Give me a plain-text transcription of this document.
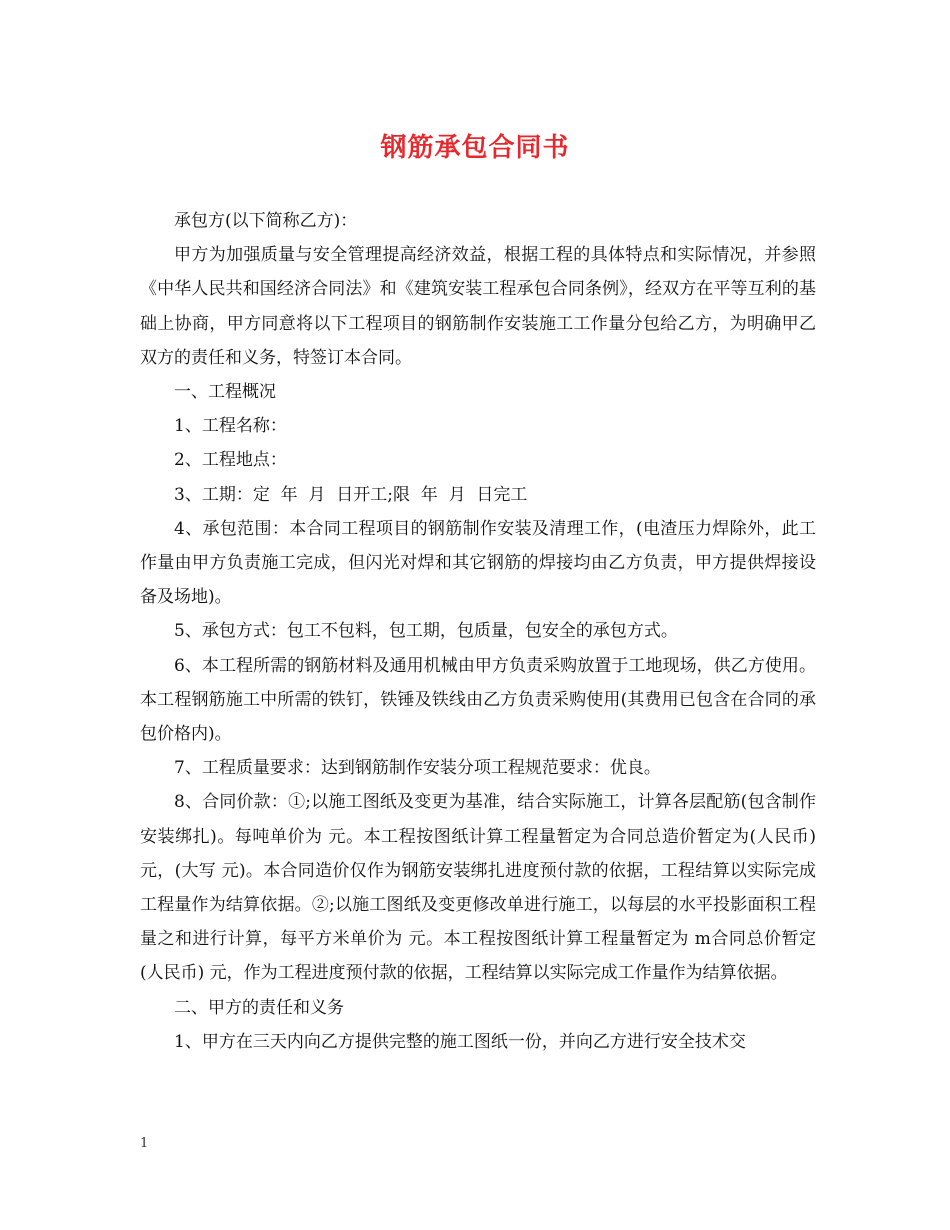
钢筋承包合同书

承包方(以下简称乙方)：

甲方为加强质量与安全管理提高经济效益，根据工程的具体特点和实际情况，并参照《中华人民共和国经济合同法》和《建筑安装工程承包合同条例》，经双方在平等互利的基础上协商，甲方同意将以下工程项目的钢筋制作安装施工工作量分包给乙方，为明确甲乙双方的责任和义务，特签订本合同。

一、工程概况

1、工程名称：

2、工程地点：

3、工期：定  年  月  日开工;限  年  月  日完工

4、承包范围：本合同工程项目的钢筋制作安装及清理工作，(电渣压力焊除外，此工作量由甲方负责施工完成，但闪光对焊和其它钢筋的焊接均由乙方负责，甲方提供焊接设备及场地)。

5、承包方式：包工不包料，包工期，包质量，包安全的承包方式。

6、本工程所需的钢筋材料及通用机械由甲方负责采购放置于工地现场，供乙方使用。本工程钢筋施工中所需的铁钉，铁锤及铁线由乙方负责采购使用(其费用已包含在合同的承包价格内)。

7、工程质量要求：达到钢筋制作安装分项工程规范要求：优良。

8、合同价款：①;以施工图纸及变更为基准，结合实际施工，计算各层配筋(包含制作安装绑扎)。每吨单价为 元。本工程按图纸计算工程量暂定为合同总造价暂定为(人民币) 元，(大写 元)。本合同造价仅作为钢筋安装绑扎进度预付款的依据，工程结算以实际完成工程量作为结算依据。②;以施工图纸及变更修改单进行施工，以每层的水平投影面积工程量之和进行计算，每平方米单价为 元。本工程按图纸计算工程量暂定为 m合同总价暂定(人民币) 元，作为工程进度预付款的依据，工程结算以实际完成工作量作为结算依据。

二、甲方的责任和义务

1、甲方在三天内向乙方提供完整的施工图纸一份，并向乙方进行安全技术交

1
